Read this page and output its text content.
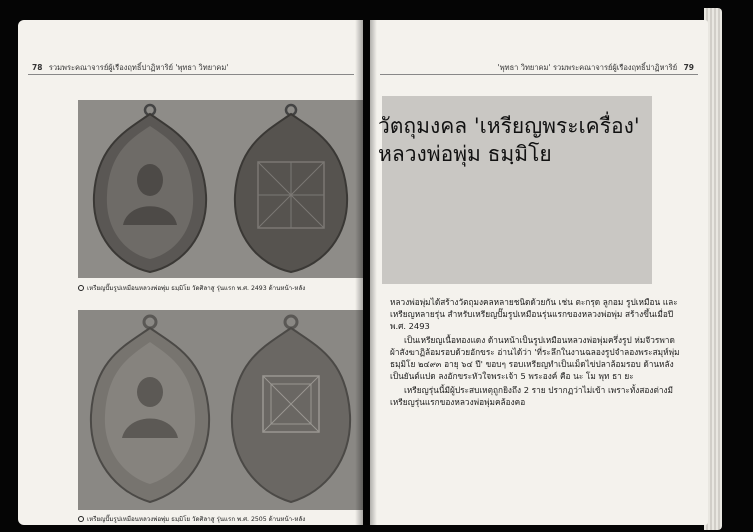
78 รวมพระคณาจารย์ผู้เรืองฤทธิ์ปาฏิหาริย์ 'พุทธา วิทยาคม'
เหรียญปั๊มรูปเหมือนหลวงพ่อพุ่ม ธมฺมิโย วัดศิลาสู รุ่นแรก พ.ศ. 2493 ด้านหน้า-หลัง
เหรียญปั๊มรูปเหมือนหลวงพ่อพุ่ม ธมฺมิโย วัดศิลาสู รุ่นแรก พ.ศ. 2505 ด้านหน้า-หลัง
'พุทธา วิทยาคม' รวมพระคณาจารย์ผู้เรืองฤทธิ์ปาฏิหาริย์ 79
วัตถุมงคล 'เหรียญพระเครื่อง'
หลวงพ่อพุ่ม ธมฺมิโย

หลวงพ่อพุ่มได้สร้างวัตถุมงคลหลายชนิดด้วยกัน เช่น ตะกรุด ลูกอม รูปเหมือน และเหรียญหลายรุ่น สำหรับเหรียญปั๊มรูปเหมือนรุ่นแรกของหลวงพ่อพุ่ม สร้างขึ้นเมื่อปี พ.ศ. 2493

เป็นเหรียญเนื้อทองแดง ด้านหน้าเป็นรูปเหมือนหลวงพ่อพุ่มครึ่งรูป ห่มจีวรพาดผ้าสังฆาฏิล้อมรอบด้วยอักขระ อ่านได้ว่า 'ที่ระลึกในงานฉลองรูปจำลองพระสมุห์พุ่ม ธมฺมิโย ๒๔๙๓ อายุ ๖๔ ปี' ขอบๆ รอบเหรียญทำเป็นเม็ดไข่ปลาล้อมรอบ ด้านหลังเป็นยันต์แปด ลงอักขระหัวใจพระเจ้า 5 พระองค์ คือ นะ โม พุท ธา ยะ

เหรียญรุ่นนี้มีผู้ประสบเหตุถูกยิงถึง 2 ราย ปรากฏว่าไม่เข้า เพราะทั้งสองต่างมีเหรียญรุ่นแรกของหลวงพ่อพุ่มคล้องคอ
